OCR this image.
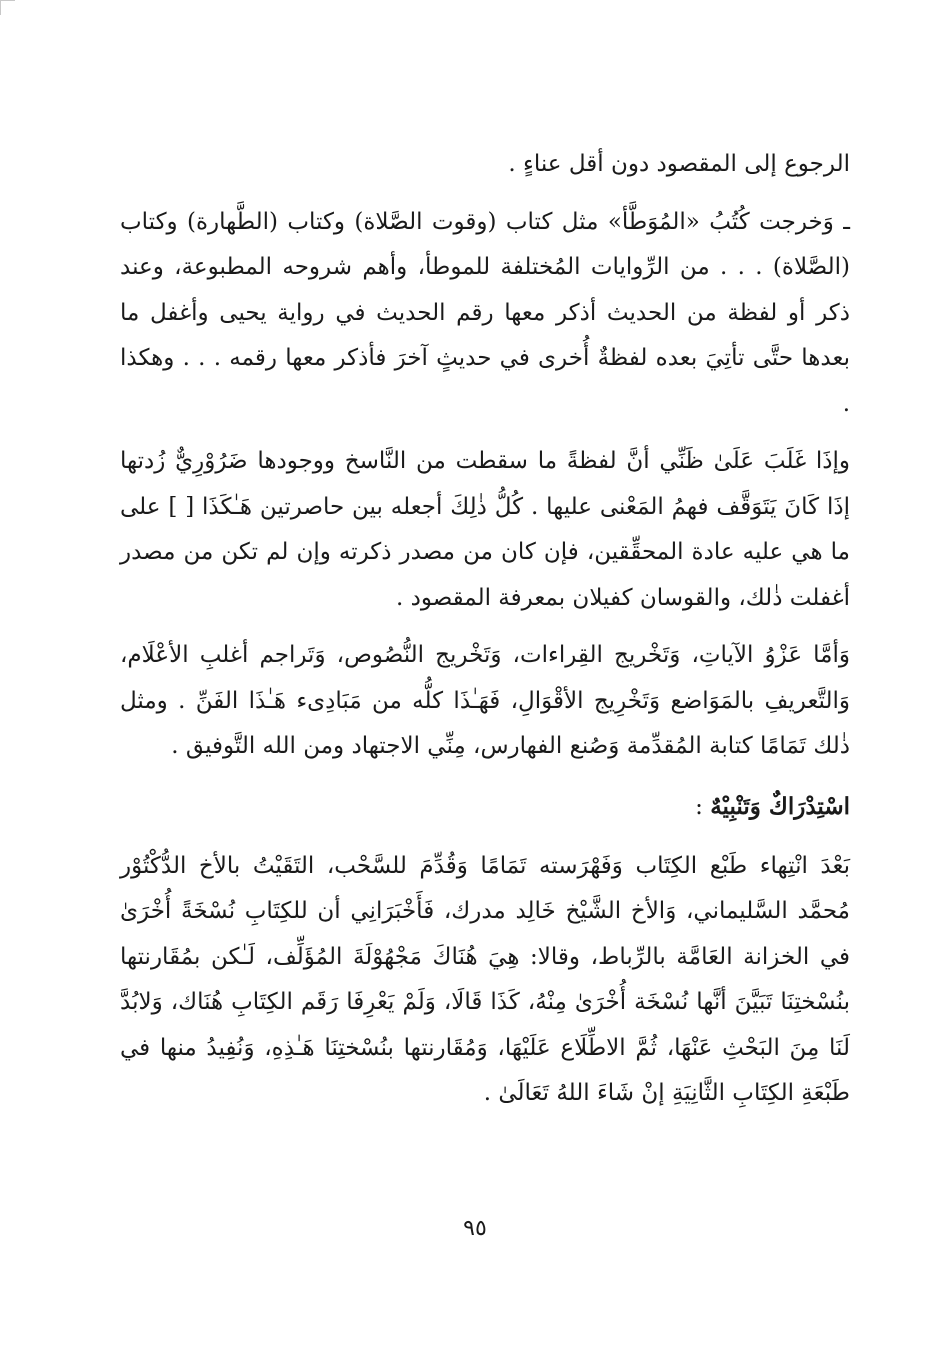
الرجوع إلى المقصود دون أقل عناءٍ .

ـ وَخرجت كُتُبُ «المُوَطَّأ» مثل كتاب (وقوت الصَّلاة) وكتاب (الطَّهارة) وكتاب (الصَّلاة) . . . من الرِّوايات المُختلفة للموطأ، وأهم شروحه المطبوعة، وعند ذكر أو لفظة من الحديث أذكر معها رقم الحديث في رواية يحيى وأغفل ما بعدها حتَّى تأتِيَ بعده لفظةٌ أُخرى في حديثٍ آخرَ فأذكر معها رقمه . . . وهكذا .

وإذَا غَلَبَ عَلَىٰ ظَنِّي أنَّ لفظةً ما سقطت من النَّاسخ ووجودها ضَرُوْرِيٌّ زُدتها إذَا كَانَ يَتَوَقَّف فهمُ المَعْنى عليها . كُلُّ ذٰلِكَ أجعله بين حاصرتين هَـٰكَذَا [ ] على ما هي عليه عادة المحقِّقين، فإن كان من مصدر ذكرته وإن لم تكن من مصدر أغفلت ذٰلك، والقوسان كفيلان بمعرفة المقصود .

وَأمَّا عَزْوُ الآياتِ، وَتَخْريج القِراءات، وَتَخْريج النُّصُوص، وَتَراجم أغلبِ الأعْلَام، وَالتَّعريفِ بالمَوَاضع وَتَخْرِيج الأقْوَالِ، فَهَـٰذَا كلُّه من مَبَادِىء هَـٰذَا الفَنِّ . ومثل ذٰلك تَمَامًا كتابة المُقدِّمة وَصُنع الفهارس، مِنِّي الاجتهاد ومن الله التَّوفيق .

اسْتِدْرَاكٌ وَتَنْبِيْهٌ :

بَعْدَ انْتِهاء طَبْع الكِتَاب وَفَهْرَسته تَمَامًا وَقُدِّمَ للسَّحْب، التَقَيْتُ بالأخ الدُّكْتُوْر مُحمَّد السَّليماني، وَالأخ الشَّيْخ خَالِد مدرك، فَأَخْبَرَانِي أن للكِتَابِ نُسْخَةً أُخْرَىٰ في الخزانة العَامَّة بالرِّباط، وقالا: هِيَ هُنَاكَ مَجْهُوْلَةَ المُؤَلِّف، لَـٰكن بمُقَارنتها بنُسْختِنَا تَبَيَّنَ أنَّها نُسْخَة أُخْرَىٰ مِنْهُ، كَذَا قَالَا، وَلَمْ يَعْرِفَا رَقَم الكِتَابِ هُنَاك، وَلابُدَّ لَنَا مِنَ البَحْثِ عَنْهَا، ثُمَّ الاطِّلَاع عَلَيْهَا، وَمُقَارنتها بنُسْختِنَا هَـٰذِهِ، وَنُفِيدُ منها في طَبْعَةِ الكِتَابِ الثَّانِيَةِ إنْ شَاءَ اللهُ تَعَالَىٰ .

٩٥
